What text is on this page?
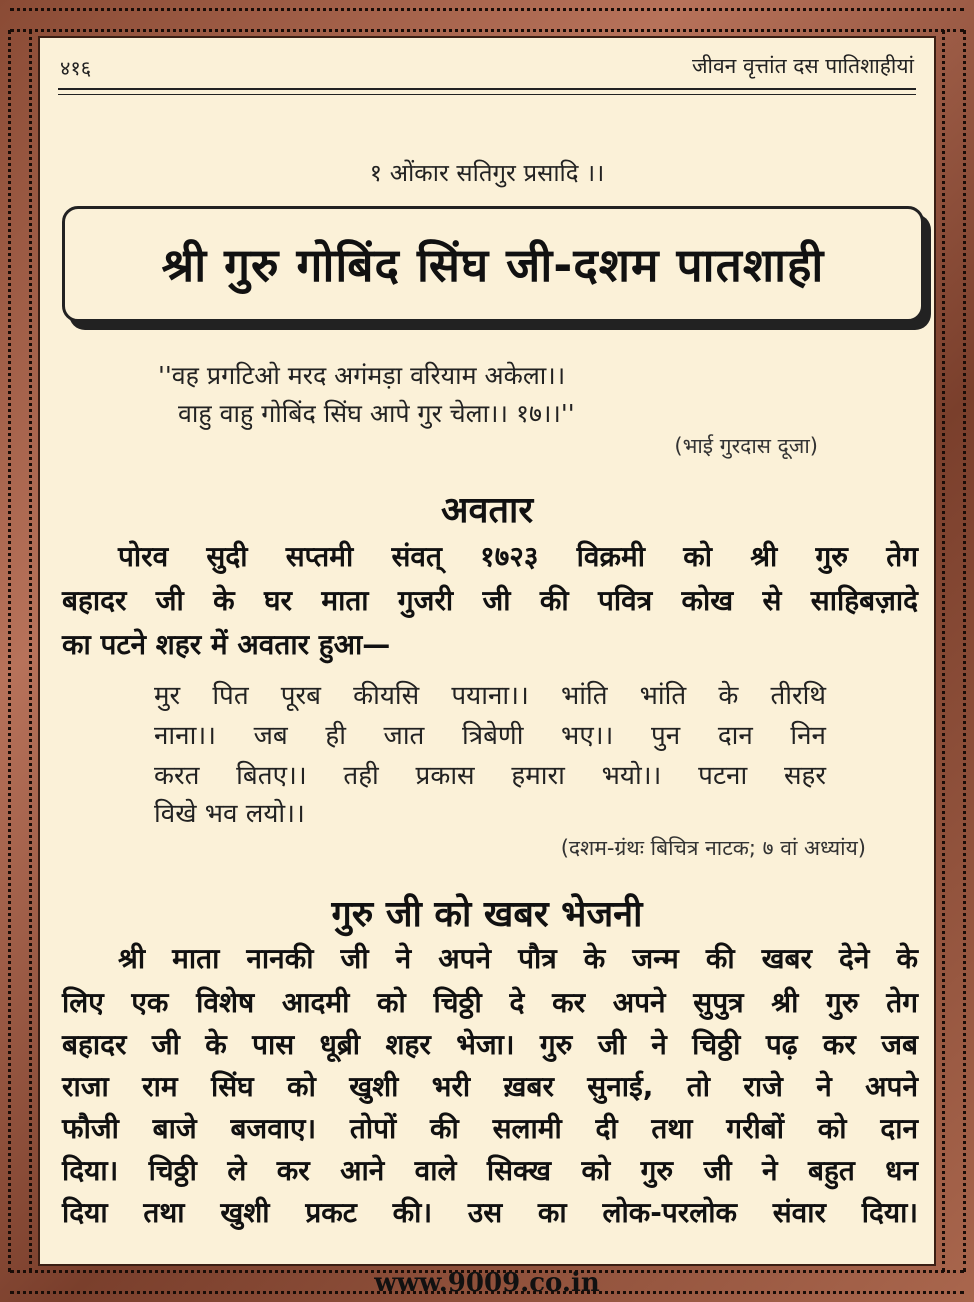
४१६	जीवन वृत्तांत दस पातिशाहीयां
१ ओंकार सतिगुर प्रसादि ।।
श्री गुरु गोबिंद सिंघ जी-दशम पातशाही
''वह प्रगटिओ मरद अगंमड़ा वरियाम अकेला।।
वाहु वाहु गोबिंद सिंघ आपे गुर चेला।। १७।।''
(भाई गुरदास दूजा)
अवतार
पोरव सुदी सप्तमी संवत् १७२३ विक्रमी को श्री गुरु तेग
बहादर जी के घर माता गुजरी जी की पवित्र कोख से साहिबज़ादे
का पटने शहर में अवतार हुआ—
मुर पित पूरब कीयसि पयाना।। भांति भांति के तीरथि
नाना।। जब ही जात त्रिबेणी भए।। पुन दान निन
करत बितए।। तही प्रकास हमारा भयो।। पटना सहर
विखे भव लयो।।
(दशम-ग्रंथः बिचित्र नाटक; ७ वां अध्यांय)
गुरु जी को खबर भेजनी
श्री माता नानकी जी ने अपने पौत्र के जन्म की खबर देने के
लिए एक विशेष आदमी को चिठ्ठी दे कर अपने सुपुत्र श्री गुरु तेग
बहादर जी के पास धूब्री शहर भेजा। गुरु जी ने चिठ्ठी पढ़ कर जब
राजा राम सिंघ को खुशी भरी ख़बर सुनाई, तो राजे ने अपने
फौजी बाजे बजवाए। तोपों की सलामी दी तथा गरीबों को दान
दिया। चिठ्ठी ले कर आने वाले सिक्ख को गुरु जी ने बहुत धन
दिया तथा खुशी प्रकट की। उस का लोक-परलोक संवार दिया।
www.9009.co.in
